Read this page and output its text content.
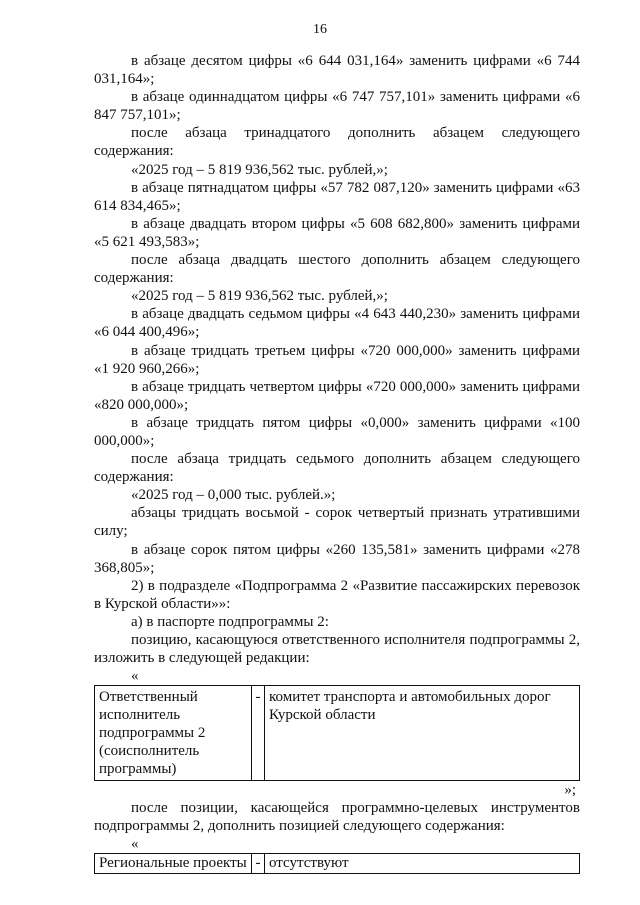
16

в абзаце десятом цифры «6 644 031,164» заменить цифрами «6 744 031,164»;

в абзаце одиннадцатом цифры «6 747 757,101» заменить цифрами «6 847 757,101»;

после абзаца тринадцатого дополнить абзацем следующего содержания:

«2025 год – 5 819 936,562 тыс. рублей,»;

в абзаце пятнадцатом цифры «57 782 087,120» заменить цифрами «63 614 834,465»;

в абзаце двадцать втором цифры «5 608 682,800» заменить цифрами «5 621 493,583»;

после абзаца двадцать шестого дополнить абзацем следующего содержания:

«2025 год – 5 819 936,562 тыс. рублей,»;

в абзаце двадцать седьмом цифры «4 643 440,230» заменить цифрами «6 044 400,496»;

в абзаце тридцать третьем цифры «720 000,000» заменить цифрами «1 920 960,266»;

в абзаце тридцать четвертом цифры «720 000,000» заменить цифрами «820 000,000»;

в абзаце тридцать пятом цифры «0,000» заменить цифрами «100 000,000»;

после абзаца тридцать седьмого дополнить абзацем следующего содержания:

«2025 год – 0,000 тыс. рублей.»;

абзацы тридцать восьмой - сорок четвертый признать утратившими силу;

в абзаце сорок пятом цифры «260 135,581» заменить цифрами «278 368,805»;

2) в подразделе «Подпрограмма 2 «Развитие пассажирских перевозок в Курской области»»:

а) в паспорте подпрограммы 2:

позицию, касающуюся ответственного исполнителя подпрограммы 2, изложить в следующей редакции:

«

Ответственный исполнитель подпрограммы 2 (соисполнитель программы)	-	комитет транспорта и автомобильных дорог Курской области

»;

после позиции, касающейся программно-целевых инструментов подпрограммы 2, дополнить позицией следующего содержания:

«

Региональные проекты	-	отсутствуют
